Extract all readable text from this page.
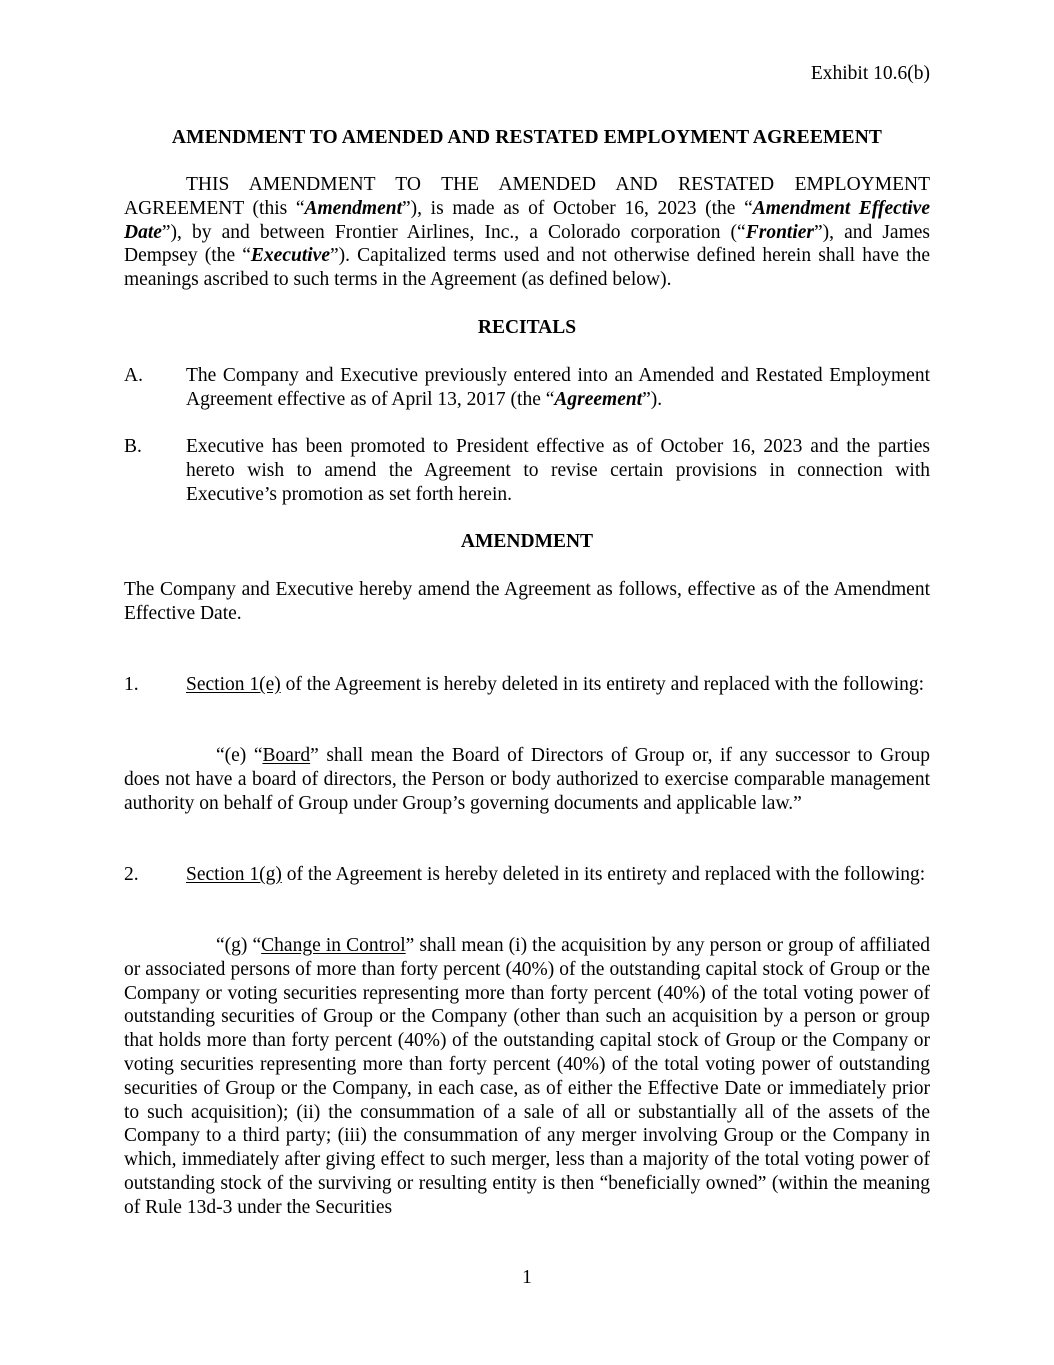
Exhibit 10.6(b)
AMENDMENT TO AMENDED AND RESTATED EMPLOYMENT AGREEMENT

THIS AMENDMENT TO THE AMENDED AND RESTATED EMPLOYMENT AGREEMENT (this “Amendment”), is made as of October 16, 2023 (the “Amendment Effective Date”), by and between Frontier Airlines, Inc., a Colorado corporation (“Frontier”), and James Dempsey (the “Executive”). Capitalized terms used and not otherwise defined herein shall have the meanings ascribed to such terms in the Agreement (as defined below).

RECITALS

A.	The Company and Executive previously entered into an Amended and Restated Employment Agreement effective as of April 13, 2017 (the “Agreement”).
B.	Executive has been promoted to President effective as of October 16, 2023 and the parties hereto wish to amend the Agreement to revise certain provisions in connection with Executive’s promotion as set forth herein.

AMENDMENT

The Company and Executive hereby amend the Agreement as follows, effective as of the Amendment Effective Date.

1.	Section 1(e) of the Agreement is hereby deleted in its entirety and replaced with the following:

“(e) “Board” shall mean the Board of Directors of Group or, if any successor to Group does not have a board of directors, the Person or body authorized to exercise comparable management authority on behalf of Group under Group’s governing documents and applicable law.”

2.	Section 1(g) of the Agreement is hereby deleted in its entirety and replaced with the following:

“(g) “Change in Control” shall mean (i) the acquisition by any person or group of affiliated or associated persons of more than forty percent (40%) of the outstanding capital stock of Group or the Company or voting securities representing more than forty percent (40%) of the total voting power of outstanding securities of Group or the Company (other than such an acquisition by a person or group that holds more than forty percent (40%) of the outstanding capital stock of Group or the Company or voting securities representing more than forty percent (40%) of the total voting power of outstanding securities of Group or the Company, in each case, as of either the Effective Date or immediately prior to such acquisition); (ii) the consummation of a sale of all or substantially all of the assets of the Company to a third party; (iii) the consummation of any merger involving Group or the Company in which, immediately after giving effect to such merger, less than a majority of the total voting power of outstanding stock of the surviving or resulting entity is then “beneficially owned” (within the meaning of Rule 13d-3 under the Securities

1
